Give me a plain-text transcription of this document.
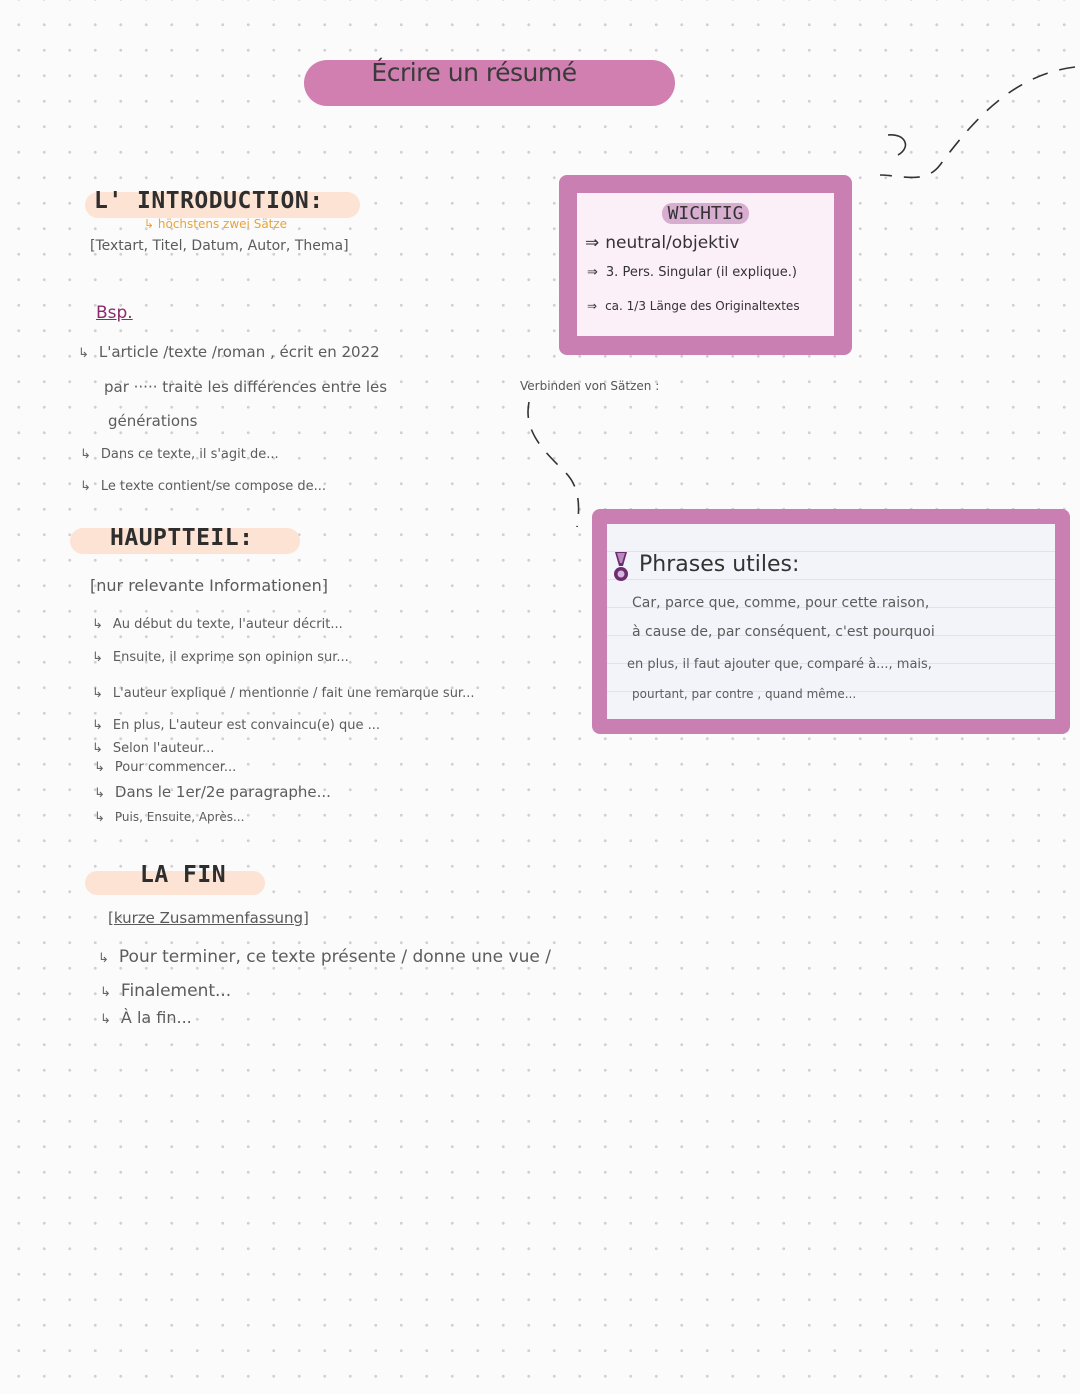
Écrire un résumé
L' INTRODUCTION:
↳ höchstens zwei Sätze
[Textart, Titel, Datum, Autor, Thema]
Bsp.
↳ L'article /texte /roman , écrit en 2022
par ····· traite les différences entre les
générations
↳ Dans ce texte, il s'agit de...
↳ Le texte contient/se compose de...
HAUPTTEIL:
[nur relevante Informationen]
↳ Au début du texte, l'auteur décrit...
↳ Ensuite, il exprime son opinion sur...
↳ L'auteur explique / mentionne / fait une remarque sur...
↳ En plus, L'auteur est convaincu(e) que ...
↳ Selon l'auteur...
↳ Pour commencer...
↳ Dans le 1er/2e paragraphe...
↳ Puis, Ensuite, Après...
LA FIN
[kurze Zusammenfassung]
↳ Pour terminer, ce texte présente / donne une vue /
↳ Finalement...
↳ À la fin...
WICHTIG
⇒ neutral/objektiv
⇒ 3. Pers. Singular (il explique.)
⇒ ca. 1/3 Länge des Originaltextes
Verbinden von Sätzen :
Phrases utiles:
Car, parce que, comme, pour cette raison,
à cause de, par conséquent, c'est pourquoi
en plus, il faut ajouter que, comparé à..., mais,
pourtant, par contre , quand même...
